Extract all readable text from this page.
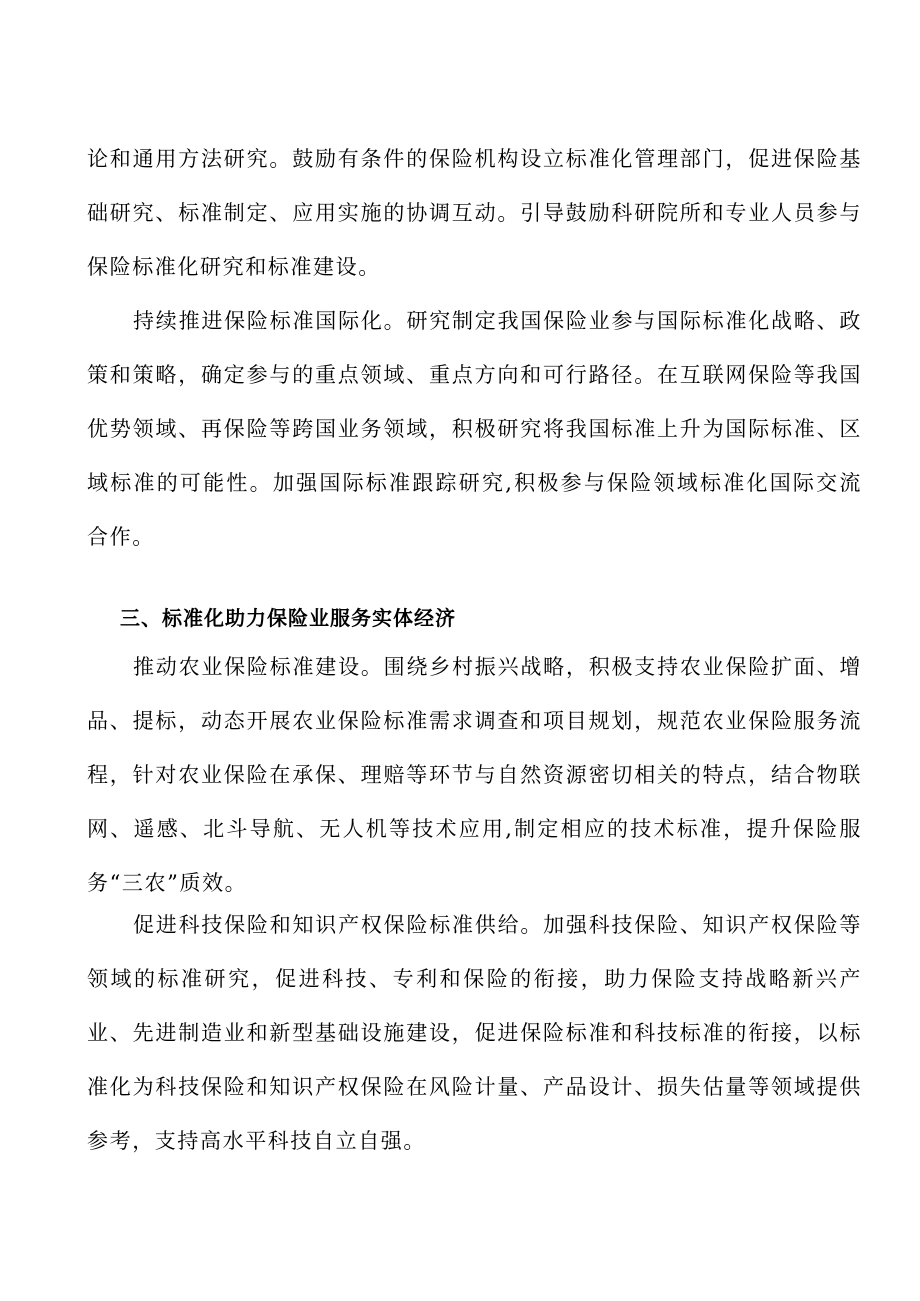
论和通用方法研究。鼓励有条件的保险机构设立标准化管理部门，促进保险基础研究、标准制定、应用实施的协调互动。引导鼓励科研院所和专业人员参与保险标准化研究和标准建设。

持续推进保险标准国际化。研究制定我国保险业参与国际标准化战略、政策和策略，确定参与的重点领域、重点方向和可行路径。在互联网保险等我国优势领域、再保险等跨国业务领域，积极研究将我国标准上升为国际标准、区域标准的可能性。加强国际标准跟踪研究,积极参与保险领域标准化国际交流合作。

三、标准化助力保险业服务实体经济

推动农业保险标准建设。围绕乡村振兴战略，积极支持农业保险扩面、增品、提标，动态开展农业保险标准需求调查和项目规划，规范农业保险服务流程，针对农业保险在承保、理赔等环节与自然资源密切相关的特点，结合物联网、遥感、北斗导航、无人机等技术应用,制定相应的技术标准，提升保险服务“三农”质效。

促进科技保险和知识产权保险标准供给。加强科技保险、知识产权保险等领域的标准研究，促进科技、专利和保险的衔接，助力保险支持战略新兴产业、先进制造业和新型基础设施建设，促进保险标准和科技标准的衔接，以标准化为科技保险和知识产权保险在风险计量、产品设计、损失估量等领域提供参考，支持高水平科技自立自强。
